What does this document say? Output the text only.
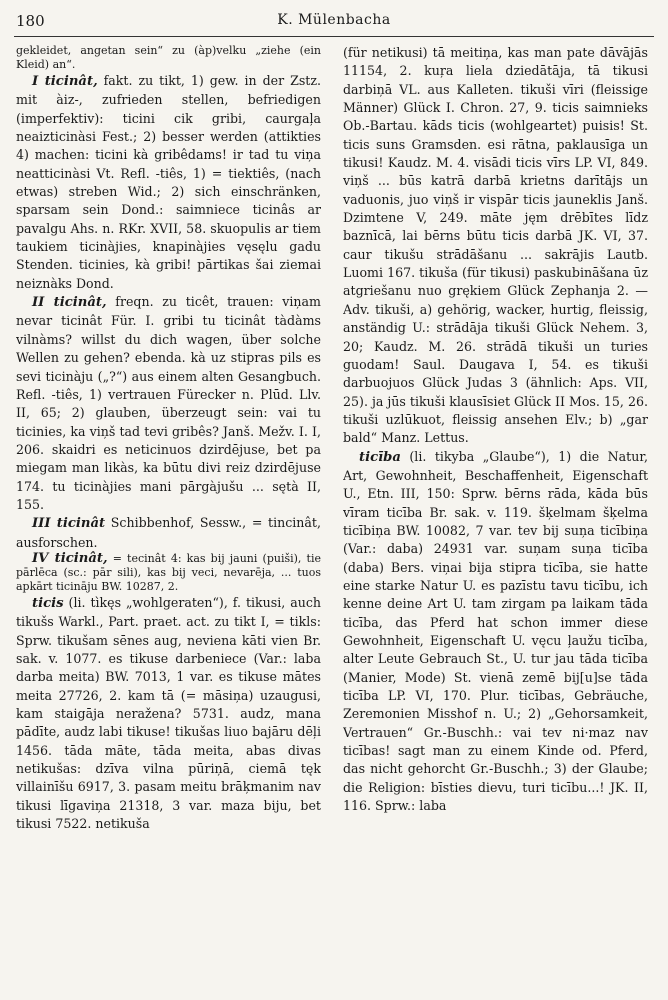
180	K. Mülenbacha

gekleidet, angetan sein“ zu (àp)velku „ziehe (ein Kleid) an“.

I ticinât, fakt. zu tikt, 1) gew. in der Zstz. mit àiz-, zufrieden stellen, befriedigen (imperfektiv): ticini cik gribi, caurgaļa neaizticinàsi Fest.; 2) besser werden (attikties 4) machen: ticini kà gribêdams! ir tad tu viņa neatticinàsi Vt. Refl. -tiês, 1) = tiektiês, (nach etwas) streben Wid.; 2) sich einschränken, sparsam sein Dond.: saimniece ticinâs ar pavalgu Ahs. n. RKr. XVII, 58. skuopulis ar tiem taukiem ticinàjies, knapinàjies vęsęlu gadu Stenden. ticinies, kà gribi! pārtikas šai ziemai neiznàks Dond.

II ticinât, freqn. zu ticêt, trauen: viņam nevar ticinât Für. I. gribi tu ticinât tàdàms vilnàms? willst du dich wagen, über solche Wellen zu gehen? ebenda. kà uz stipras pils es sevi ticinàju („?“) aus einem alten Gesangbuch. Refl. -tiês, 1) vertrauen Fürecker n. Plūd. Llv. II, 65; 2) glauben, überzeugt sein: vai tu ticinies, ka viņš tad tevi gribês? Janš. Mežv. I. I, 206. skaidri es neticinuos dzirdējuse, bet pa miegam man likàs, ka būtu divi reiz dzirdējuse 174. tu ticinàjies mani pārgàjušu ... sętà II, 155.

III ticinât Schibbenhof, Sessw., = tincinât, ausforschen.

IV ticinât, = tecinât 4: kas bij jauni (puiši), tie pārlēca (sc.: pār sili), kas bij veci, nevarēja, ... tuos apkārt ticināju BW. 10287, 2.

ticis (li. tìkęs „wohlgeraten“), f. tikusi, auch tikušs Warkl., Part. praet. act. zu tikt I, = tikls: Sprw. tikušam sēnes aug, neviena kāti vien Br. sak. v. 1077. es tikuse darbeniece (Var.: laba darba meita) BW. 7013, 1 var. es tikuse mātes meita 27726, 2. kam tā (= māsiņa) uzaugusi, kam staigāja neražena? 5731. audz, mana pādīte, audz labi tikuse! tikušas liuo bajāru dēļi 1456. tāda māte, tāda meita, abas divas netikušas: dzīva vilna pūriņā, ciemā tęk villainīšu 6917, 3. pasam meitu brāķmanim nav tikusi līgaviņa 21318, 3 var. maza biju, bet tikusi 7522. netikuša

(für netikusi) tā meitiņa, kas man pate dāvājās 11154, 2. kuŗa liela dziedātāja, tā tikusi darbiņā VL. aus Kalleten. tikuši vīri (fleissige Männer) Glück I. Chron. 27, 9. ticis saimnieks Ob.-Bartau. kāds ticis (wohlgeartet) puisis! St. ticis suns Gramsden. esi rātna, paklausīga un tikusi! Kaudz. M. 4. visādi ticis vīrs LP. VI, 849. viņš ... būs katrā darbā krietns darītājs un vaduonis, juo viņš ir vispār ticis jauneklis Janš. Dzimtene V, 249. māte jęm drēbītes līdz baznīcā, lai bērns būtu ticis darbā JK. VI, 37. caur tikušu strādāšanu ... sakrājis Lautb. Luomi 167. tikuša (für tikusi) paskubināšana ūz atgriešanu nuo grękiem Glück Zephanja 2. — Adv. tikuši, a) gehörig, wacker, hurtig, fleissig, anständig U.: strādāja tikuši Glück Nehem. 3, 20; Kaudz. M. 26. strādā tikuši un turies guodam! Saul. Daugava I, 54. es tikuši darbuojuos Glück Judas 3 (ähnlich: Aps. VII, 25). ja jūs tikuši klausīsiet Glück II Mos. 15, 26. tikuši uzlūkuot, fleissig ansehen Elv.; b) „gar bald“ Manz. Lettus.

ticība (li. tikyba „Glaube“), 1) die Natur, Art, Gewohnheit, Beschaffenheit, Eigenschaft U., Etn. III, 150: Sprw. bērns rāda, kāda būs vīram ticība Br. sak. v. 119. šķelmam šķelma ticībiņa BW. 10082, 7 var. tev bij suņa ticībiņa (Var.: daba) 24931 var. suņam suņa ticība (daba) Bers. viņai bija stipra ticība, sie hatte eine starke Natur U. es pazīstu tavu ticību, ich kenne deine Art U. tam zirgam pa laikam tāda ticība, das Pferd hat schon immer diese Gewohnheit, Eigenschaft U. vęcu ļaužu ticība, alter Leute Gebrauch St., U. tur jau tāda ticība (Manier, Mode) St. vienā zemē bij[u]se tāda ticība LP. VI, 170. Plur. ticības, Gebräuche, Zeremonien Misshof n. U.; 2) „Gehorsamkeit, Vertrauen“ Gr.-Buschh.: vai tev ni·maz nav ticības! sagt man zu einem Kinde od. Pferd, das nicht gehorcht Gr.-Buschh.; 3) der Glaube; die Religion: bīsties dievu, turi ticību...! JK. II, 116. Sprw.: laba
